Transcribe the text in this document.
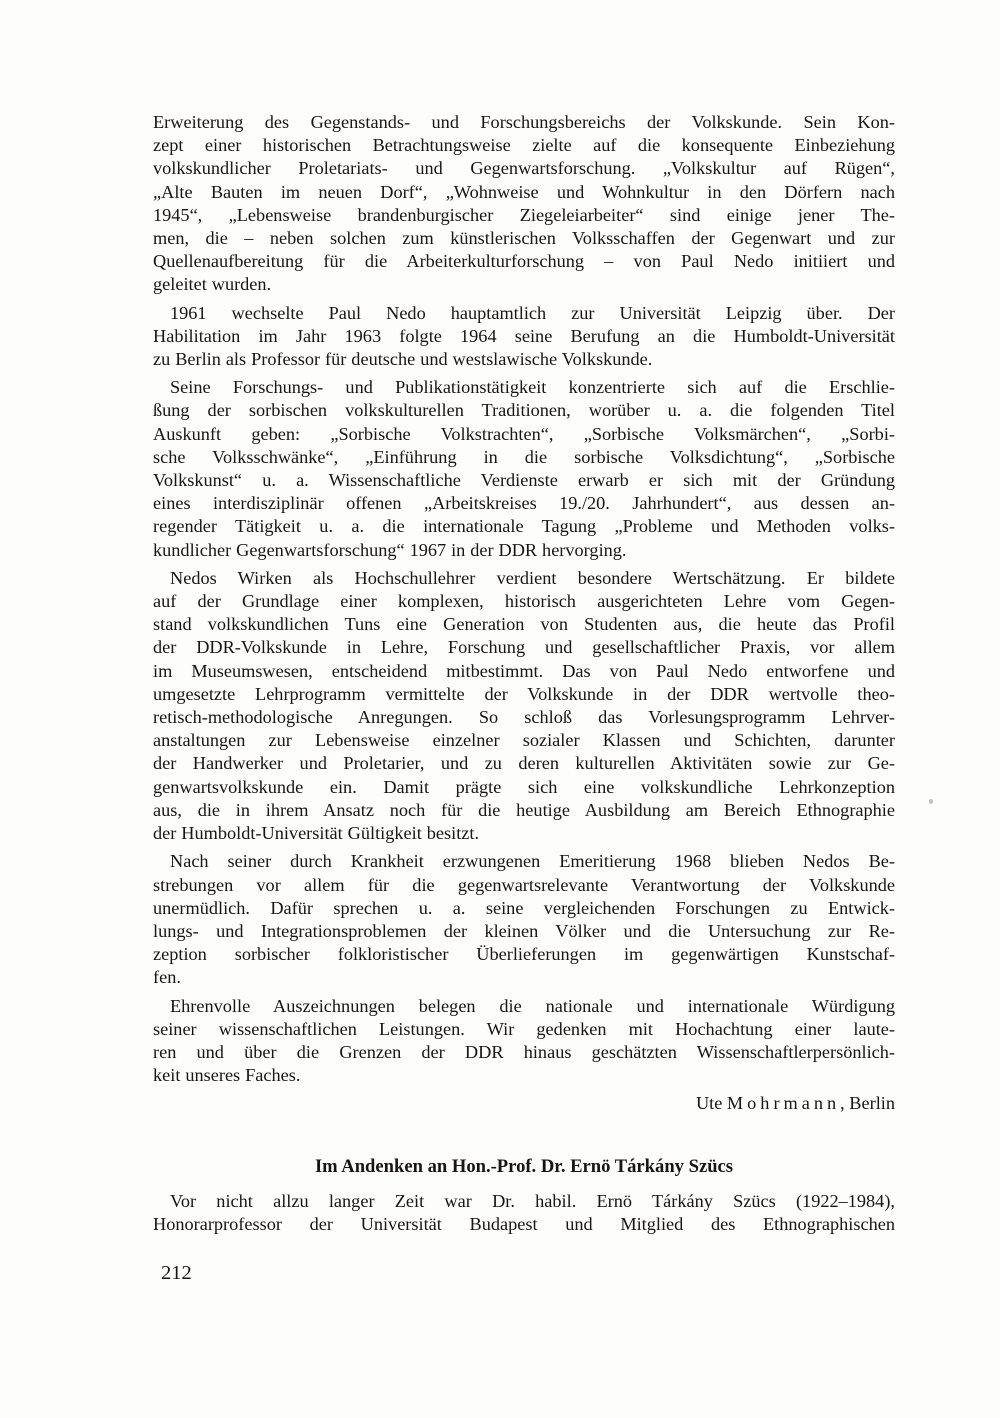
Erweiterung des Gegenstands- und Forschungsbereichs der Volkskunde. Sein Kon-
zept einer historischen Betrachtungsweise zielte auf die konsequente Einbeziehung
volkskundlicher Proletariats- und Gegenwartsforschung. „Volkskultur auf Rügen“,
„Alte Bauten im neuen Dorf“, „Wohnweise und Wohnkultur in den Dörfern nach
1945“, „Lebensweise brandenburgischer Ziegeleiarbeiter“ sind einige jener The-
men, die – neben solchen zum künstlerischen Volksschaffen der Gegenwart und zur
Quellenaufbereitung für die Arbeiterkulturforschung – von Paul Nedo initiiert und
geleitet wurden.

1961 wechselte Paul Nedo hauptamtlich zur Universität Leipzig über. Der
Habilitation im Jahr 1963 folgte 1964 seine Berufung an die Humboldt-Universität
zu Berlin als Professor für deutsche und westslawische Volkskunde.

Seine Forschungs- und Publikationstätigkeit konzentrierte sich auf die Erschlie-
ßung der sorbischen volkskulturellen Traditionen, worüber u. a. die folgenden Titel
Auskunft geben: „Sorbische Volkstrachten“, „Sorbische Volksmärchen“, „Sorbi-
sche Volksschwänke“, „Einführung in die sorbische Volksdichtung“, „Sorbische
Volkskunst“ u. a. Wissenschaftliche Verdienste erwarb er sich mit der Gründung
eines interdisziplinär offenen „Arbeitskreises 19./20. Jahrhundert“, aus dessen an-
regender Tätigkeit u. a. die internationale Tagung „Probleme und Methoden volks-
kundlicher Gegenwartsforschung“ 1967 in der DDR hervorging.

Nedos Wirken als Hochschullehrer verdient besondere Wertschätzung. Er bildete
auf der Grundlage einer komplexen, historisch ausgerichteten Lehre vom Gegen-
stand volkskundlichen Tuns eine Generation von Studenten aus, die heute das Profil
der DDR-Volkskunde in Lehre, Forschung und gesellschaftlicher Praxis, vor allem
im Museumswesen, entscheidend mitbestimmt. Das von Paul Nedo entworfene und
umgesetzte Lehrprogramm vermittelte der Volkskunde in der DDR wertvolle theo-
retisch-methodologische Anregungen. So schloß das Vorlesungsprogramm Lehrver-
anstaltungen zur Lebensweise einzelner sozialer Klassen und Schichten, darunter
der Handwerker und Proletarier, und zu deren kulturellen Aktivitäten sowie zur Ge-
genwartsvolkskunde ein. Damit prägte sich eine volkskundliche Lehrkonzeption
aus, die in ihrem Ansatz noch für die heutige Ausbildung am Bereich Ethnographie
der Humboldt-Universität Gültigkeit besitzt.

Nach seiner durch Krankheit erzwungenen Emeritierung 1968 blieben Nedos Be-
strebungen vor allem für die gegenwartsrelevante Verantwortung der Volkskunde
unermüdlich. Dafür sprechen u. a. seine vergleichenden Forschungen zu Entwick-
lungs- und Integrationsproblemen der kleinen Völker und die Untersuchung zur Re-
zeption sorbischer folkloristischer Überlieferungen im gegenwärtigen Kunstschaf-
fen.

Ehrenvolle Auszeichnungen belegen die nationale und internationale Würdigung
seiner wissenschaftlichen Leistungen. Wir gedenken mit Hochachtung einer laute-
ren und über die Grenzen der DDR hinaus geschätzten Wissenschaftlerpersönlich-
keit unseres Faches.

Ute Mohrmann, Berlin

Im Andenken an Hon.-Prof. Dr. Ernö Tárkány Szücs

Vor nicht allzu langer Zeit war Dr. habil. Ernö Tárkány Szücs (1922–1984),
Honorarprofessor der Universität Budapest und Mitglied des Ethnographischen

212
